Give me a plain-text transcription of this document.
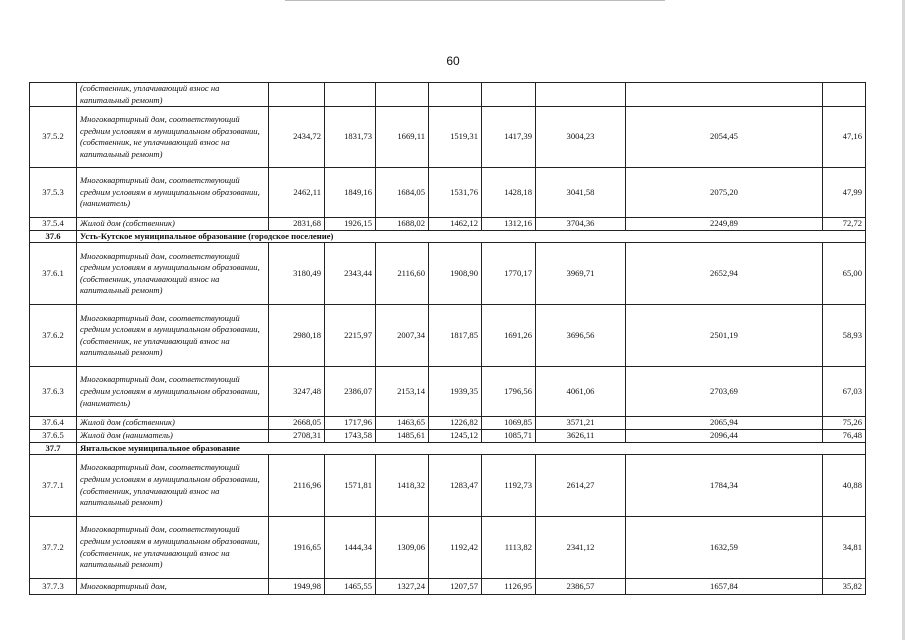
60
	(собственник, уплачивающий взнос на капитальный ремонт)								
37.5.2	Многоквартирный дом, соответствующий средним условиям в муниципальном образовании, (собственник, не уплачивающий взнос на капитальный ремонт)	2434,72	1831,73	1669,11	1519,31	1417,39	3004,23	2054,45	47,16
37.5.3	Многоквартирный дом, соответствующий средним условиям в муниципальном образовании, (наниматель)	2462,11	1849,16	1684,05	1531,76	1428,18	3041,58	2075,20	47,99
37.5.4	Жилой дом (собственник)	2831,68	1926,15	1688,02	1462,12	1312,16	3704,36	2249,89	72,72
37.6	Усть-Кутское муниципальное образование (городское поселение)								
37.6.1	Многоквартирный дом, соответствующий средним условиям в муниципальном образовании, (собственник, уплачивающий взнос на капитальный ремонт)	3180,49	2343,44	2116,60	1908,90	1770,17	3969,71	2652,94	65,00
37.6.2	Многоквартирный дом, соответствующий средним условиям в муниципальном образовании, (собственник, не уплачивающий взнос на капитальный ремонт)	2980,18	2215,97	2007,34	1817,85	1691,26	3696,56	2501,19	58,93
37.6.3	Многоквартирный дом, соответствующий средним условиям в муниципальном образовании, (наниматель)	3247,48	2386,07	2153,14	1939,35	1796,56	4061,06	2703,69	67,03
37.6.4	Жилой дом (собственник)	2668,05	1717,96	1463,65	1226,82	1069,85	3571,21	2065,94	75,26
37.6.5	Жилой дом (наниматель)	2708,31	1743,58	1485,61	1245,12	1085,71	3626,11	2096,44	76,48
37.7	Янтальское муниципальное образование								
37.7.1	Многоквартирный дом, соответствующий средним условиям в муниципальном образовании, (собственник, уплачивающий взнос на капитальный ремонт)	2116,96	1571,81	1418,32	1283,47	1192,73	2614,27	1784,34	40,88
37.7.2	Многоквартирный дом, соответствующий средним условиям в муниципальном образовании, (собственник, не уплачивающий взнос на капитальный ремонт)	1916,65	1444,34	1309,06	1192,42	1113,82	2341,12	1632,59	34,81
37.7.3	Многоквартирный дом,	1949,98	1465,55	1327,24	1207,57	1126,95	2386,57	1657,84	35,82
